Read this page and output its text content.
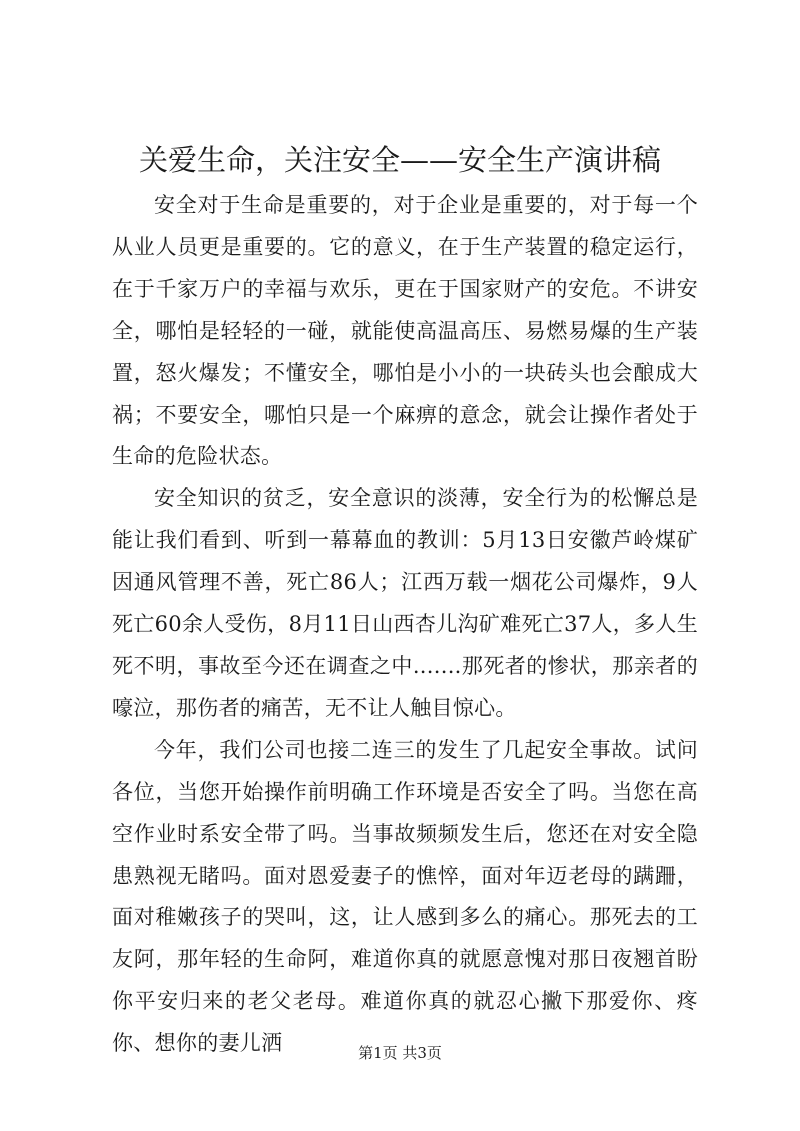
关爱生命，关注安全——安全生产演讲稿

安全对于生命是重要的，对于企业是重要的，对于每一个从业人员更是重要的。它的意义，在于生产装置的稳定运行，在于千家万户的幸福与欢乐，更在于国家财产的安危。不讲安全，哪怕是轻轻的一碰，就能使高温高压、易燃易爆的生产装置，怒火爆发；不懂安全，哪怕是小小的一块砖头也会酿成大祸；不要安全，哪怕只是一个麻痹的意念，就会让操作者处于生命的危险状态。

安全知识的贫乏，安全意识的淡薄，安全行为的松懈总是能让我们看到、听到一幕幕血的教训：5月13日安徽芦岭煤矿因通风管理不善，死亡86人；江西万载一烟花公司爆炸，9人死亡60余人受伤，8月11日山西杏儿沟矿难死亡37人，多人生死不明，事故至今还在调查之中.......那死者的惨状，那亲者的嚎泣，那伤者的痛苦，无不让人触目惊心。

今年，我们公司也接二连三的发生了几起安全事故。试问各位，当您开始操作前明确工作环境是否安全了吗。当您在高空作业时系安全带了吗。当事故频频发生后，您还在对安全隐患熟视无睹吗。面对恩爱妻子的憔悴，面对年迈老母的蹒跚，面对稚嫩孩子的哭叫，这，让人感到多么的痛心。那死去的工友阿，那年轻的生命阿，难道你真的就愿意愧对那日夜翘首盼你平安归来的老父老母。难道你真的就忍心撇下那爱你、疼你、想你的妻儿洒	第1页 共3页
